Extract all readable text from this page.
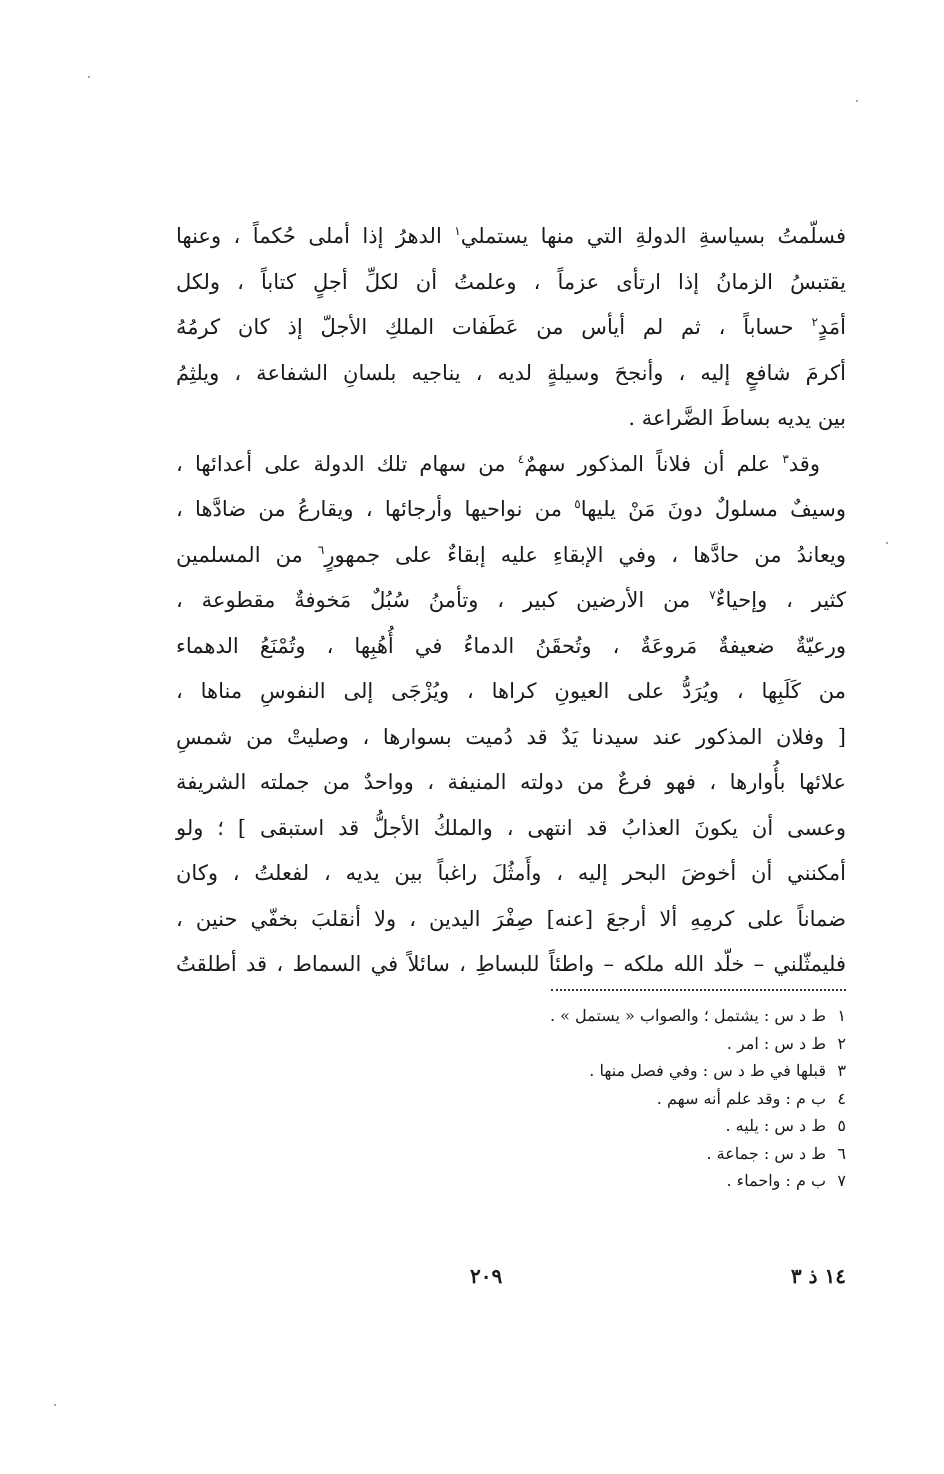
فسلّمتُ بسياسةِ الدولةِ التي منها يستملي$^١$ الدهرُ إذا أملى حُكماً ، وعنها
يقتبسُ الزمانُ إذا ارتأى عزماً ، وعلمتُ أن لكلِّ أجلٍ كتاباً ، ولكل
أمَدٍ$^٢$ حساباً ، ثم لم أيأس من عَطَفات الملكِ الأجلّ إذ كان كرمُهُ
أكرمَ شافعٍ إليه ، وأنجحَ وسيلةٍ لديه ، يناجيه بلسانِ الشفاعة ، ويلثِمُ
بين يديه بساطَ الضَّراعة .
وقد$^٣$ علم أن فلاناً المذكور سهمٌ$^٤$ من سهام تلك الدولة على أعدائها ،
وسيفٌ مسلولٌ دونَ مَنْ يليها$^٥$ من نواحيها وأرجائها ، ويقارعُ من ضادَّها ،
ويعاندُ من حادَّها ، وفي الإبقاءِ عليه إبقاءٌ على جمهورٍ$^٦$ من المسلمين
كثير ، وإحياءٌ$^٧$ من الأرضين كبير ، وتأمنُ سُبُلٌ مَخوفةٌ مقطوعة ،
ورعيّةٌ ضعيفةٌ مَروعَةٌ ، وتُحقَنُ الدماءُ في أُهُبِها ، وتُمْنَعُ الدهماء
من كَلَبِها ، ويُرَدُّ على العيونِ كراها ، ويُزْجَى إلى النفوسِ مناها ،
[ وفلان المذكور عند سيدنا يَدٌ قد دُميت بسوارها ، وصليتْ من شمسِ
علائها بأُوارها ، فهو فرعٌ من دولته المنيفة ، وواحدٌ من جملته الشريفة
وعسى أن يكونَ العذابُ قد انتهى ، والملكُ الأجلُّ قد استبقى ] ؛ ولو
أمكنني أن أخوضَ البحر إليه ، وأَمثُلَ راغباً بين يديه ، لفعلتُ ، وكان
ضماناً على كرمِهِ ألا أرجعَ [عنه] صِفْرَ اليدين ، ولا أنقلبَ بخفّي حنين ،
فليمثّلني – خلّد الله ملكه – واطئاً للبساطِ ، سائلاً في السماط ، قد أطلقتُ
١ط د س : يشتمل ؛ والصواب « يستمل » .
٢ط د س : امر .
٣قبلها في ط د س : وفي فصل منها .
٤ب م : وقد علم أنه سهم .
٥ط د س : يليه .
٦ط د س : جماعة .
٧ب م : واحماء .
٢٠٩	١٤ ذ ٣
